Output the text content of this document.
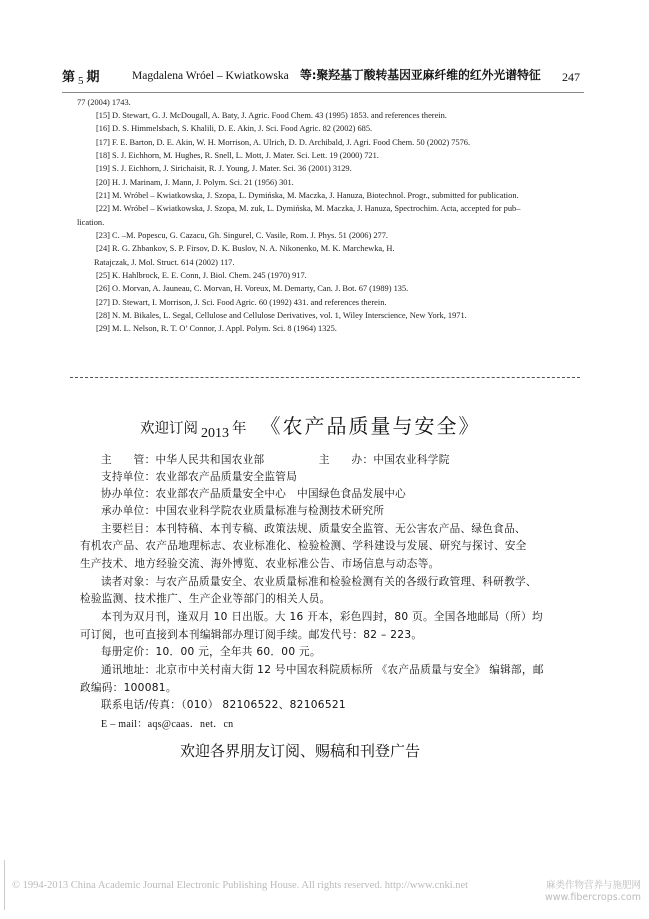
第 $_5$ 期	Magdalena Wróel – Kwiatkowska 等:聚羟基丁酸转基因亚麻纤维的红外光谱特征 247
77 (2004) 1743.
[15] D. Stewart, G. J. McDougall, A. Baty, J. Agric. Food Chem. 43 (1995) 1853. and references therein.
[16] D. S. Himmelsbach, S. Khalili, D. E. Akin, J. Sci. Food Agric. 82 (2002) 685.
[17] F. E. Barton, D. E. Akin, W. H. Morrison, A. Ulrich, D. D. Archibald, J. Agri. Food Chem. 50 (2002) 7576.
[18] S. J. Eichhorn, M. Hughes, R. Snell, L. Mott, J. Mater. Sci. Lett. 19 (2000) 721.
[19] S. J. Eichhorn, J. Sirichaisit, R. J. Young, J. Mater. Sci. 36 (2001) 3129.
[20] H. J. Marinam, J. Mann, J. Polym. Sci. 21 (1956) 301.
[21] M. Wróbel – Kwiatkowska, J. Szopa, L. Dymińska, M. Maczka, J. Hanuza, Biotechnol. Progr., submitted for publication.
[22] M. Wróbel – Kwiatkowska, J. Szopa, M. zuk, L. Dymińska, M. Maczka, J. Hanuza, Spectrochim. Acta, accepted for pub–
lication.
[23] C. –M. Popescu, G. Cazacu, Gh. Singurel, C. Vasile, Rom. J. Phys. 51 (2006) 277.
[24] R. G. Zhbankov, S. P. Firsov, D. K. Buslov, N. A. Nikonenko, M. K. Marchewka, H.
Ratajczak, J. Mol. Struct. 614 (2002) 117.
[25] K. Hahlbrock, E. E. Conn, J. Biol. Chem. 245 (1970) 917.
[26] O. Morvan, A. Jauneau, C. Morvan, H. Voreux, M. Demarty, Can. J. Bot. 67 (1989) 135.
[27] D. Stewart, I. Morrison, J. Sci. Food Agric. 60 (1992) 431. and references therein.
[28] N. M. Bikales, L. Segal, Cellulose and Cellulose Derivatives, vol. 1, Wiley Interscience, New York, 1971.
[29] M. L. Nelson, R. T. O’ Connor, J. Appl. Polym. Sci. 8 (1964) 1325.
欢迎订阅 2013 年 《农产品质量与安全》
主　　管：中华人民共和国农业部　　　　　主　　办：中国农业科学院
支持单位：农业部农产品质量安全监管局
协办单位：农业部农产品质量安全中心　中国绿色食品发展中心
承办单位：中国农业科学院农业质量标准与检测技术研究所
主要栏目：本刊特稿、本刊专稿、政策法规、质量安全监管、无公害农产品、绿色食品、
有机农产品、农产品地理标志、农业标准化、检验检测、学科建设与发展、研究与探讨、安全
生产技术、地方经验交流、海外博览、农业标准公告、市场信息与动态等。
读者对象：与农产品质量安全、农业质量标准和检验检测有关的各级行政管理、科研教学、
检验监测、技术推广、生产企业等部门的相关人员。
本刊为双月刊，逢双月 10 日出版。大 16 开本，彩色四封，80 页。全国各地邮局（所）均
可订阅，也可直接到本刊编辑部办理订阅手续。邮发代号：82 – 223。
每册定价：10．00 元，全年共 60．00 元。
通讯地址：北京市中关村南大街 12 号中国农科院质标所 《农产品质量与安全》 编辑部，邮
政编码：100081。
联系电话/传真：（010） 82106522、82106521
E – mail：aqs@caas．net．cn
欢迎各界朋友订阅、赐稿和刊登广告
© 1994-2013 China Academic Journal Electronic Publishing House. All rights reserved. http://www.cnki.net	麻类作物营养与施肥网
www.fibercrops.com
